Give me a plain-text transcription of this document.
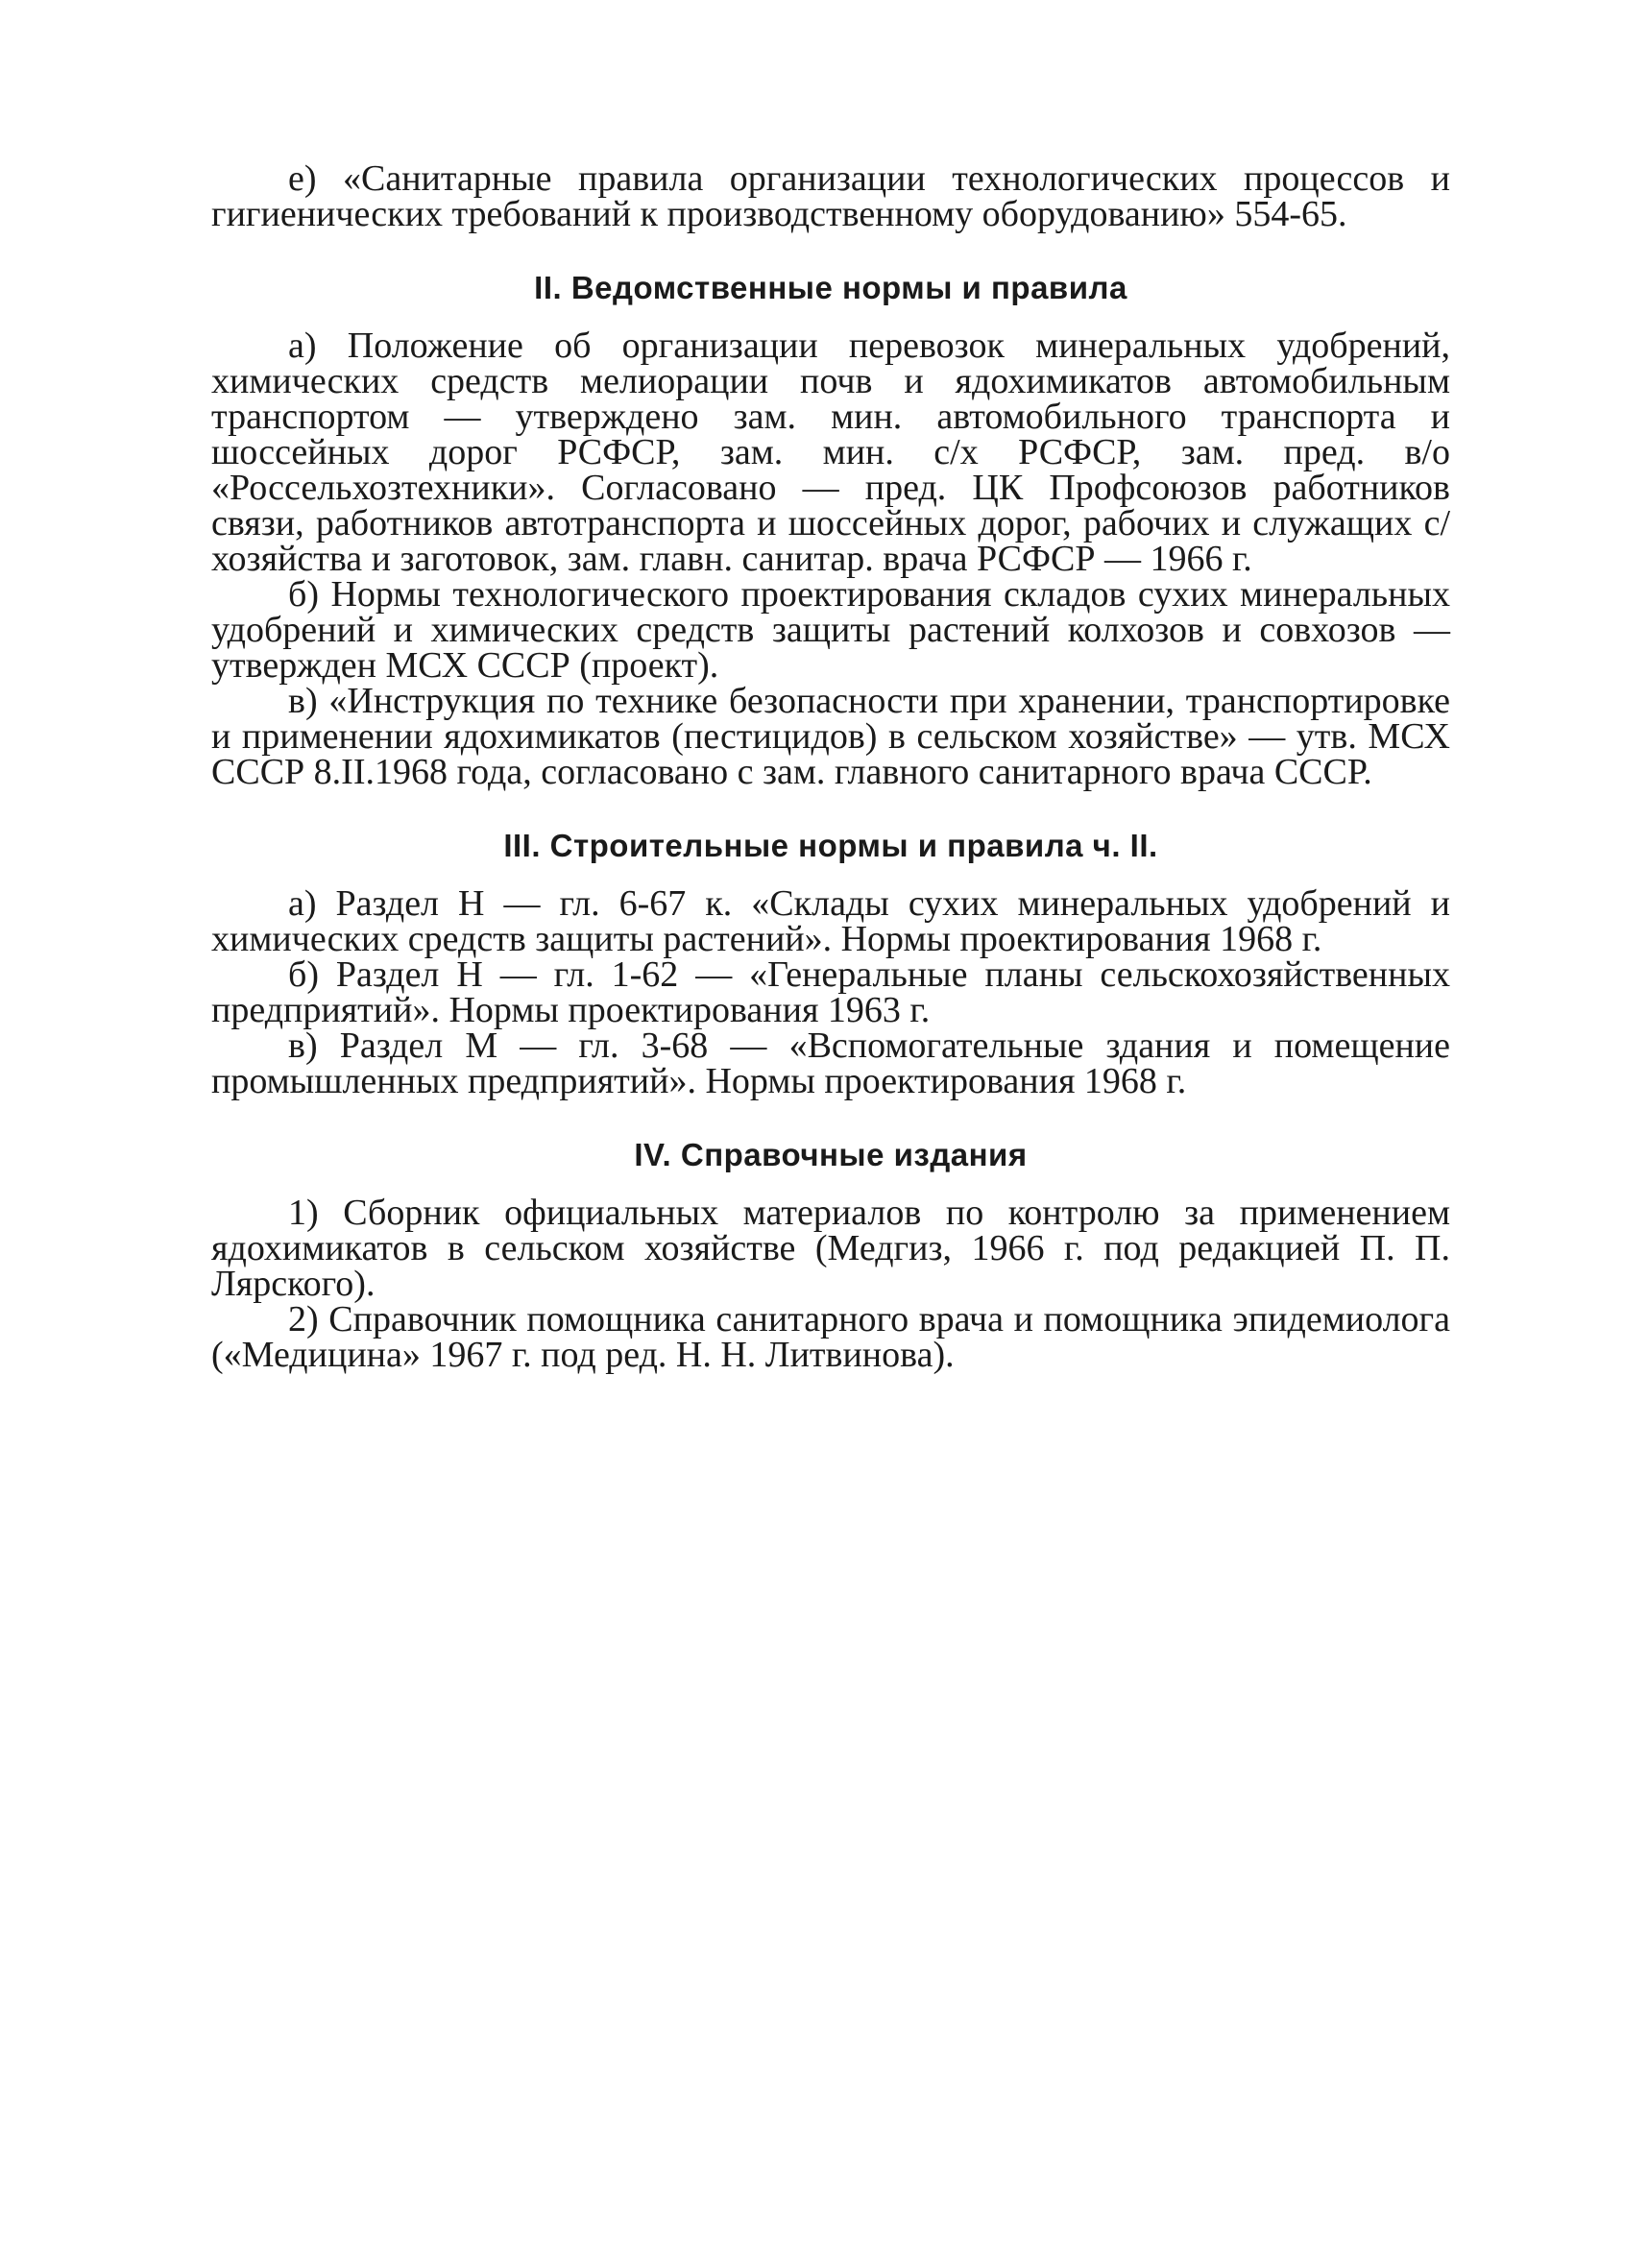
е) «Санитарные правила организации технологических процессов и гигиенических требований к производственному оборудованию» 554-65.

II. Ведомственные нормы и правила

а) Положение об организации перевозок минеральных удобрений, химических средств мелиорации почв и ядохимикатов автомобильным транспортом — утверждено зам. мин. автомобильного транспорта и шоссейных дорог РСФСР, зам. мин. с/х РСФСР, зам. пред. в/о «Россельхозтехники». Согласовано — пред. ЦК Профсоюзов работников связи, работников автотранспорта и шоссейных дорог, рабочих и служащих с/хозяйства и заготовок, зам. главн. санитар. врача РСФСР — 1966 г.

б) Нормы технологического проектирования складов сухих минеральных удобрений и химических средств защиты растений колхозов и совхозов — утвержден МСХ СССР (проект).

в) «Инструкция по технике безопасности при хранении, транспортировке и применении ядохимикатов (пестицидов) в сельском хозяйстве» — утв. МСХ СССР 8.II.1968 года, согласовано с зам. главного санитарного врача СССР.

III. Строительные нормы и правила ч. II.

а) Раздел Н — гл. 6-67 к. «Склады сухих минеральных удобрений и химических средств защиты растений». Нормы проектирования 1968 г.

б) Раздел Н — гл. 1-62 — «Генеральные планы сельскохозяйственных предприятий». Нормы проектирования 1963 г.

в) Раздел М — гл. 3-68 — «Вспомогательные здания и помещение промышленных предприятий». Нормы проектирования 1968 г.

IV. Справочные издания

1) Сборник официальных материалов по контролю за применением ядохимикатов в сельском хозяйстве (Медгиз, 1966 г. под редакцией П. П. Лярского).

2) Справочник помощника санитарного врача и помощника эпидемиолога («Медицина» 1967 г. под ред. Н. Н. Литвинова).
